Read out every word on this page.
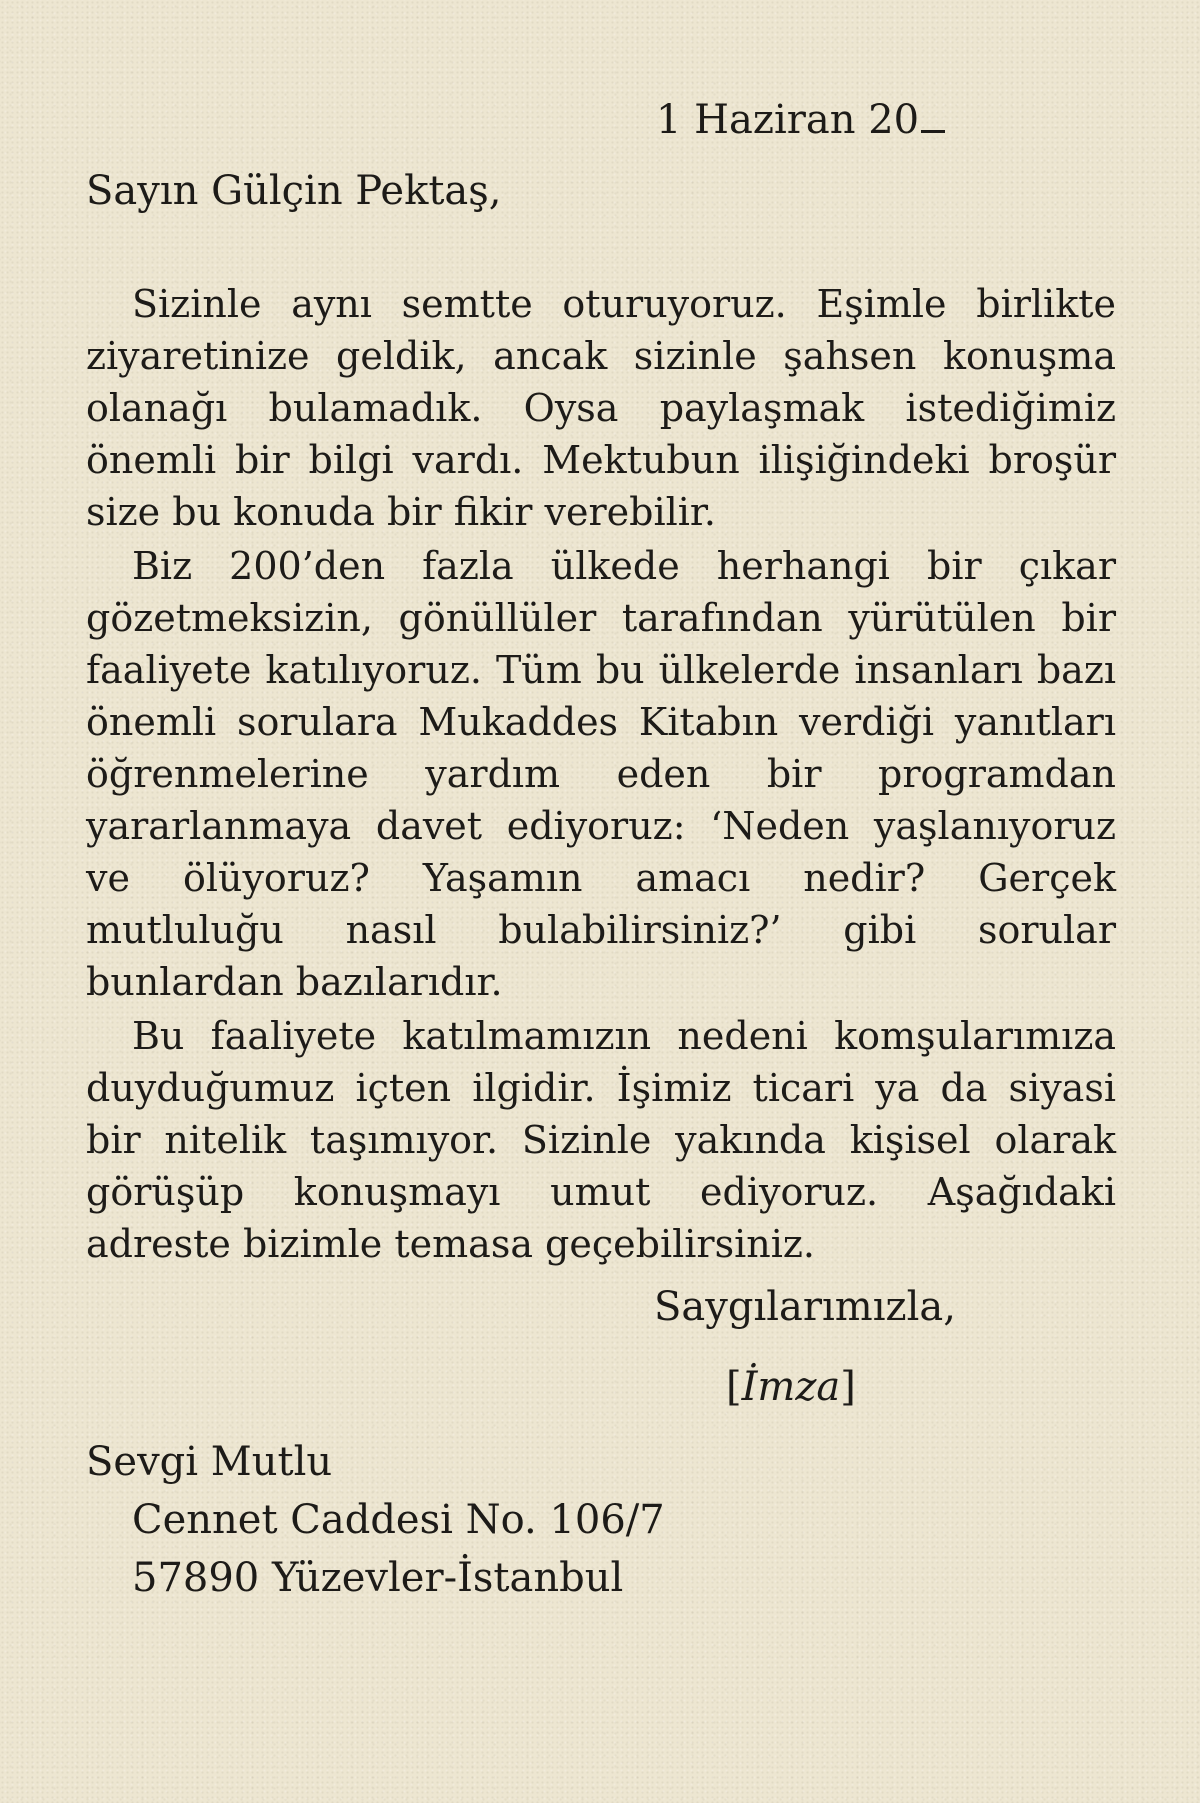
1 Haziran 20
Sayın Gülçin Pektaş,

Sizinle aynı semtte oturuyoruz. Eşimle birlikte ziyaretinize geldik, ancak sizinle şahsen konuşma olanağı bulamadık. Oysa paylaşmak istediğimiz önemli bir bilgi vardı. Mektubun ilişiğindeki broşür size bu konuda bir fikir verebilir.

Biz 200’den fazla ülkede herhangi bir çıkar gözetmeksizin, gönüllüler tarafından yürütülen bir faaliyete katılıyoruz. Tüm bu ülkelerde insanları bazı önemli sorulara Mukaddes Kitabın verdiği yanıtları öğrenmelerine yardım eden bir programdan yararlanmaya davet ediyoruz: ‘Neden yaşlanıyoruz ve ölüyoruz? Yaşamın amacı nedir? Gerçek mutluluğu nasıl bulabilirsiniz?’ gibi sorular bunlardan bazılarıdır.

Bu faaliyete katılmamızın nedeni komşularımıza duyduğumuz içten ilgidir. İşimiz ticari ya da siyasi bir nitelik taşımıyor. Sizinle yakında kişisel olarak görüşüp konuşmayı umut ediyoruz. Aşağıdaki adreste bizimle temasa geçebilirsiniz.

Saygılarımızla,
[İmza]
Sevgi Mutlu
Cennet Caddesi No. 106/7
57890 Yüzevler-İstanbul
